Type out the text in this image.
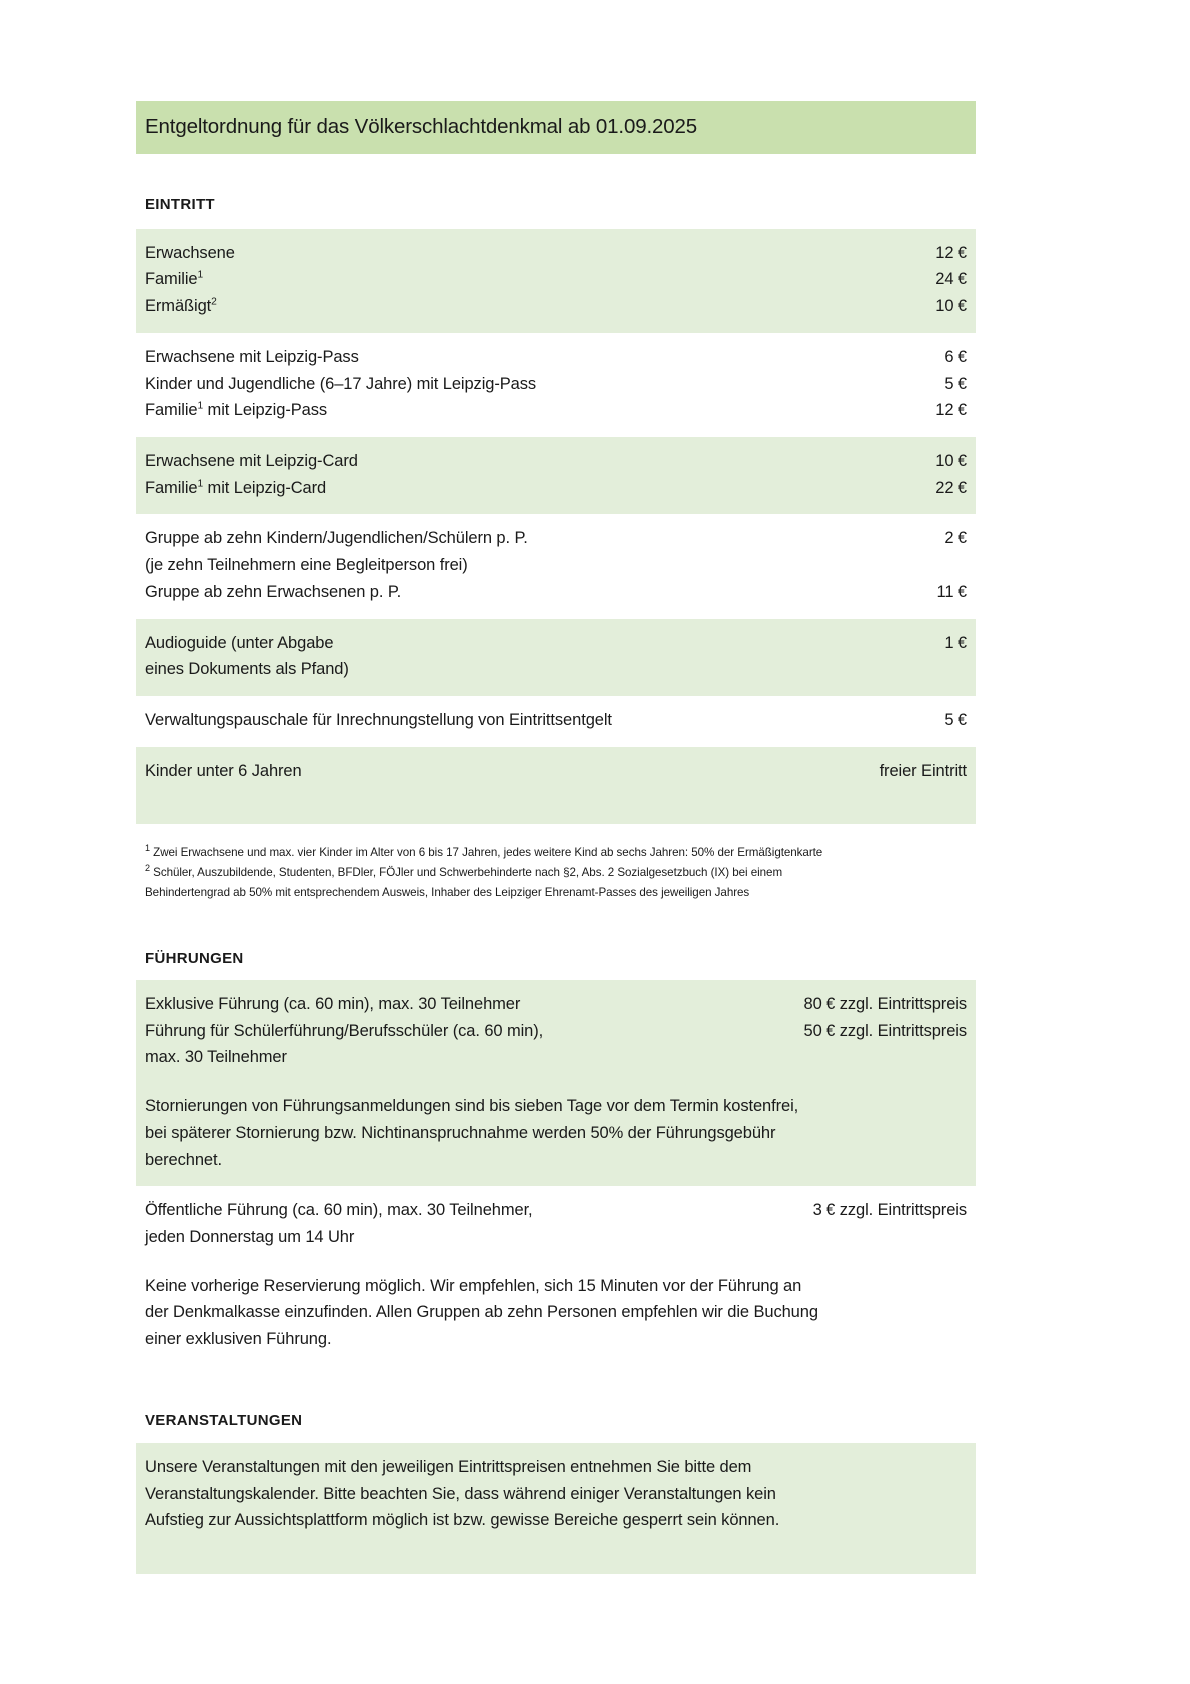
Entgeltordnung für das Völkerschlachtdenkmal ab 01.09.2025
EINTRITT
Erwachsene	12 €
Familie$^1$	24 €
Ermäßigt$^2$	10 €
Erwachsene mit Leipzig-Pass	6 €
Kinder und Jugendliche (6–17 Jahre) mit Leipzig-Pass	5 €
Familie$^1$ mit Leipzig-Pass	12 €
Erwachsene mit Leipzig-Card	10 €
Familie$^1$ mit Leipzig-Card	22 €
Gruppe ab zehn Kindern/Jugendlichen/Schülern p. P.	2 €
(je zehn Teilnehmern eine Begleitperson frei)
Gruppe ab zehn Erwachsenen p. P.	11 €
Audioguide (unter Abgabe	1 €
eines Dokuments als Pfand)
Verwaltungspauschale für Inrechnungstellung von Eintrittsentgelt	5 €
Kinder unter 6 Jahren	freier Eintritt

$^1$ Zwei Erwachsene und max. vier Kinder im Alter von 6 bis 17 Jahren, jedes weitere Kind ab sechs Jahren: 50% der Ermäßigtenkarte
$^2$ Schüler, Auszubildende, Studenten, BFDler, FÖJler und Schwerbehinderte nach §2, Abs. 2 Sozialgesetzbuch (IX) bei einem
Behindertengrad ab 50% mit entsprechendem Ausweis, Inhaber des Leipziger Ehrenamt-Passes des jeweiligen Jahres
FÜHRUNGEN
Exklusive Führung (ca. 60 min), max. 30 Teilnehmer	80 € zzgl. Eintrittspreis
Führung für Schülerführung/Berufsschüler (ca. 60 min),	50 € zzgl. Eintrittspreis
max. 30 Teilnehmer
Stornierungen von Führungsanmeldungen sind bis sieben Tage vor dem Termin kostenfrei,
bei späterer Stornierung bzw. Nichtinanspruchnahme werden 50% der Führungsgebühr
berechnet.
Öffentliche Führung (ca. 60 min), max. 30 Teilnehmer,	3 € zzgl. Eintrittspreis
jeden Donnerstag um 14 Uhr
Keine vorherige Reservierung möglich. Wir empfehlen, sich 15 Minuten vor der Führung an
der Denkmalkasse einzufinden. Allen Gruppen ab zehn Personen empfehlen wir die Buchung
einer exklusiven Führung.
VERANSTALTUNGEN
Unsere Veranstaltungen mit den jeweiligen Eintrittspreisen entnehmen Sie bitte dem
Veranstaltungskalender. Bitte beachten Sie, dass während einiger Veranstaltungen kein
Aufstieg zur Aussichtsplattform möglich ist bzw. gewisse Bereiche gesperrt sein können.
